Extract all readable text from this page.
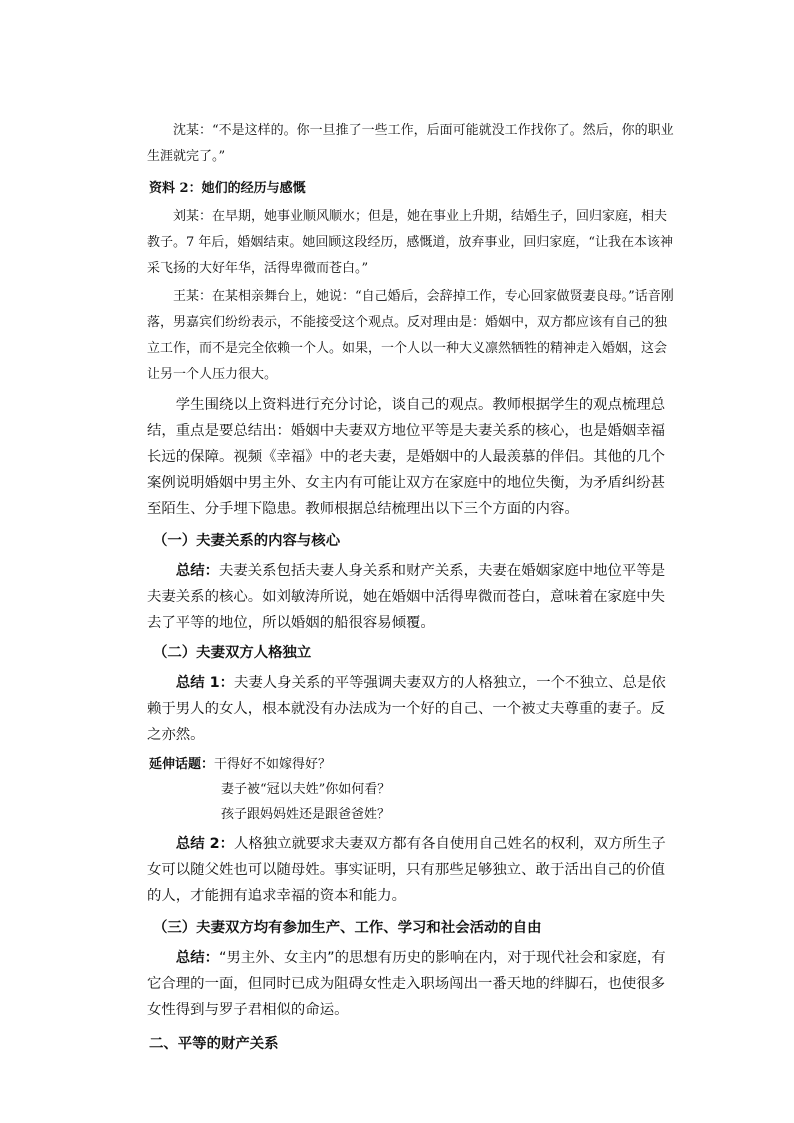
沈某：“不是这样的。你一旦推了一些工作，后面可能就没工作找你了。然后，你的职业生涯就完了。”

资料 2：她们的经历与感慨

刘某：在早期，她事业顺风顺水；但是，她在事业上升期，结婚生子，回归家庭，相夫教子。7 年后，婚姻结束。她回顾这段经历，感慨道，放弃事业，回归家庭，“让我在本该神采飞扬的大好年华，活得卑微而苍白。”

王某：在某相亲舞台上，她说：“自己婚后，会辞掉工作，专心回家做贤妻良母。”话音刚落，男嘉宾们纷纷表示，不能接受这个观点。反对理由是：婚姻中，双方都应该有自己的独立工作，而不是完全依赖一个人。如果，一个人以一种大义凛然牺牲的精神走入婚姻，这会让另一个人压力很大。

学生围绕以上资料进行充分讨论，谈自己的观点。教师根据学生的观点梳理总结，重点是要总结出：婚姻中夫妻双方地位平等是夫妻关系的核心，也是婚姻幸福长远的保障。视频《幸福》中的老夫妻，是婚姻中的人最羡慕的伴侣。其他的几个案例说明婚姻中男主外、女主内有可能让双方在家庭中的地位失衡，为矛盾纠纷甚至陌生、分手埋下隐患。教师根据总结梳理出以下三个方面的内容。

（一）夫妻关系的内容与核心

总结：夫妻关系包括夫妻人身关系和财产关系，夫妻在婚姻家庭中地位平等是夫妻关系的核心。如刘敏涛所说，她在婚姻中活得卑微而苍白，意味着在家庭中失去了平等的地位，所以婚姻的船很容易倾覆。

（二）夫妻双方人格独立

总结 1：夫妻人身关系的平等强调夫妻双方的人格独立，一个不独立、总是依赖于男人的女人，根本就没有办法成为一个好的自己、一个被丈夫尊重的妻子。反之亦然。

延伸话题：干得好不如嫁得好？

妻子被“冠以夫姓”你如何看？

孩子跟妈妈姓还是跟爸爸姓？

总结 2：人格独立就要求夫妻双方都有各自使用自己姓名的权利，双方所生子女可以随父姓也可以随母姓。事实证明，只有那些足够独立、敢于活出自己的价值的人，才能拥有追求幸福的资本和能力。

（三）夫妻双方均有参加生产、工作、学习和社会活动的自由

总结：“男主外、女主内”的思想有历史的影响在内，对于现代社会和家庭，有它合理的一面，但同时已成为阻碍女性走入职场闯出一番天地的绊脚石，也使很多女性得到与罗子君相似的命运。

二、平等的财产关系
